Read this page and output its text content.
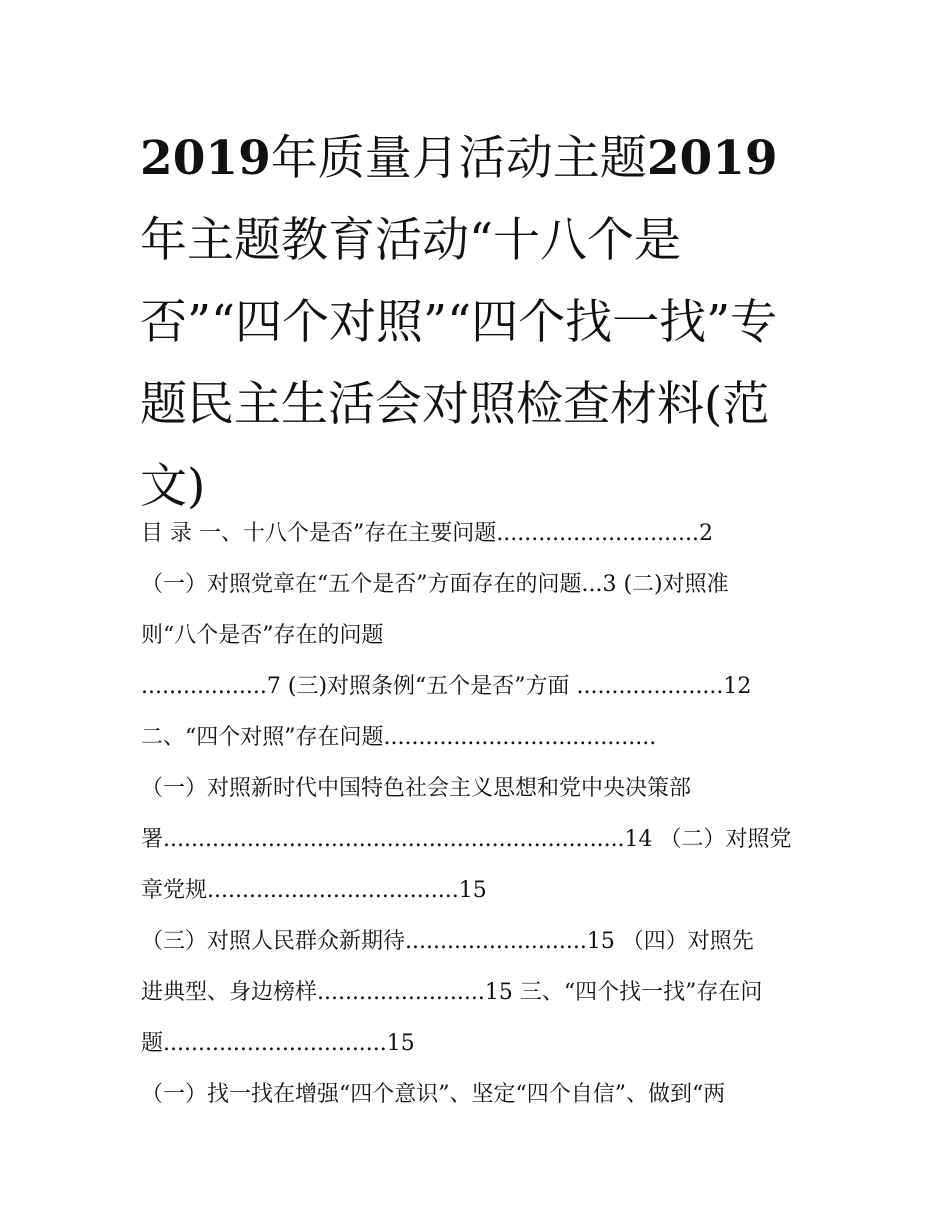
2019年质量月活动主题2019
年主题教育活动“十八个是
否”“四个对照”“四个找一找”专
题民主生活会对照检查材料(范
文)
目 录 一、十八个是否”存在主要问题.............................2
（一）对照党章在“五个是否”方面存在的问题...3 (二)对照准
则“八个是否”存在的问题
..................7 (三)对照条例“五个是否”方面 .....................12
二、“四个对照”存在问题.......................................
（一）对照新时代中国特色社会主义思想和党中央决策部
署..................................................................14 （二）对照党
章党规....................................15
（三）对照人民群众新期待..........................15 （四）对照先
进典型、身边榜样........................15 三、“四个找一找”存在问
题................................15
（一）找一找在增强“四个意识”、坚定“四个自信”、做到“两
